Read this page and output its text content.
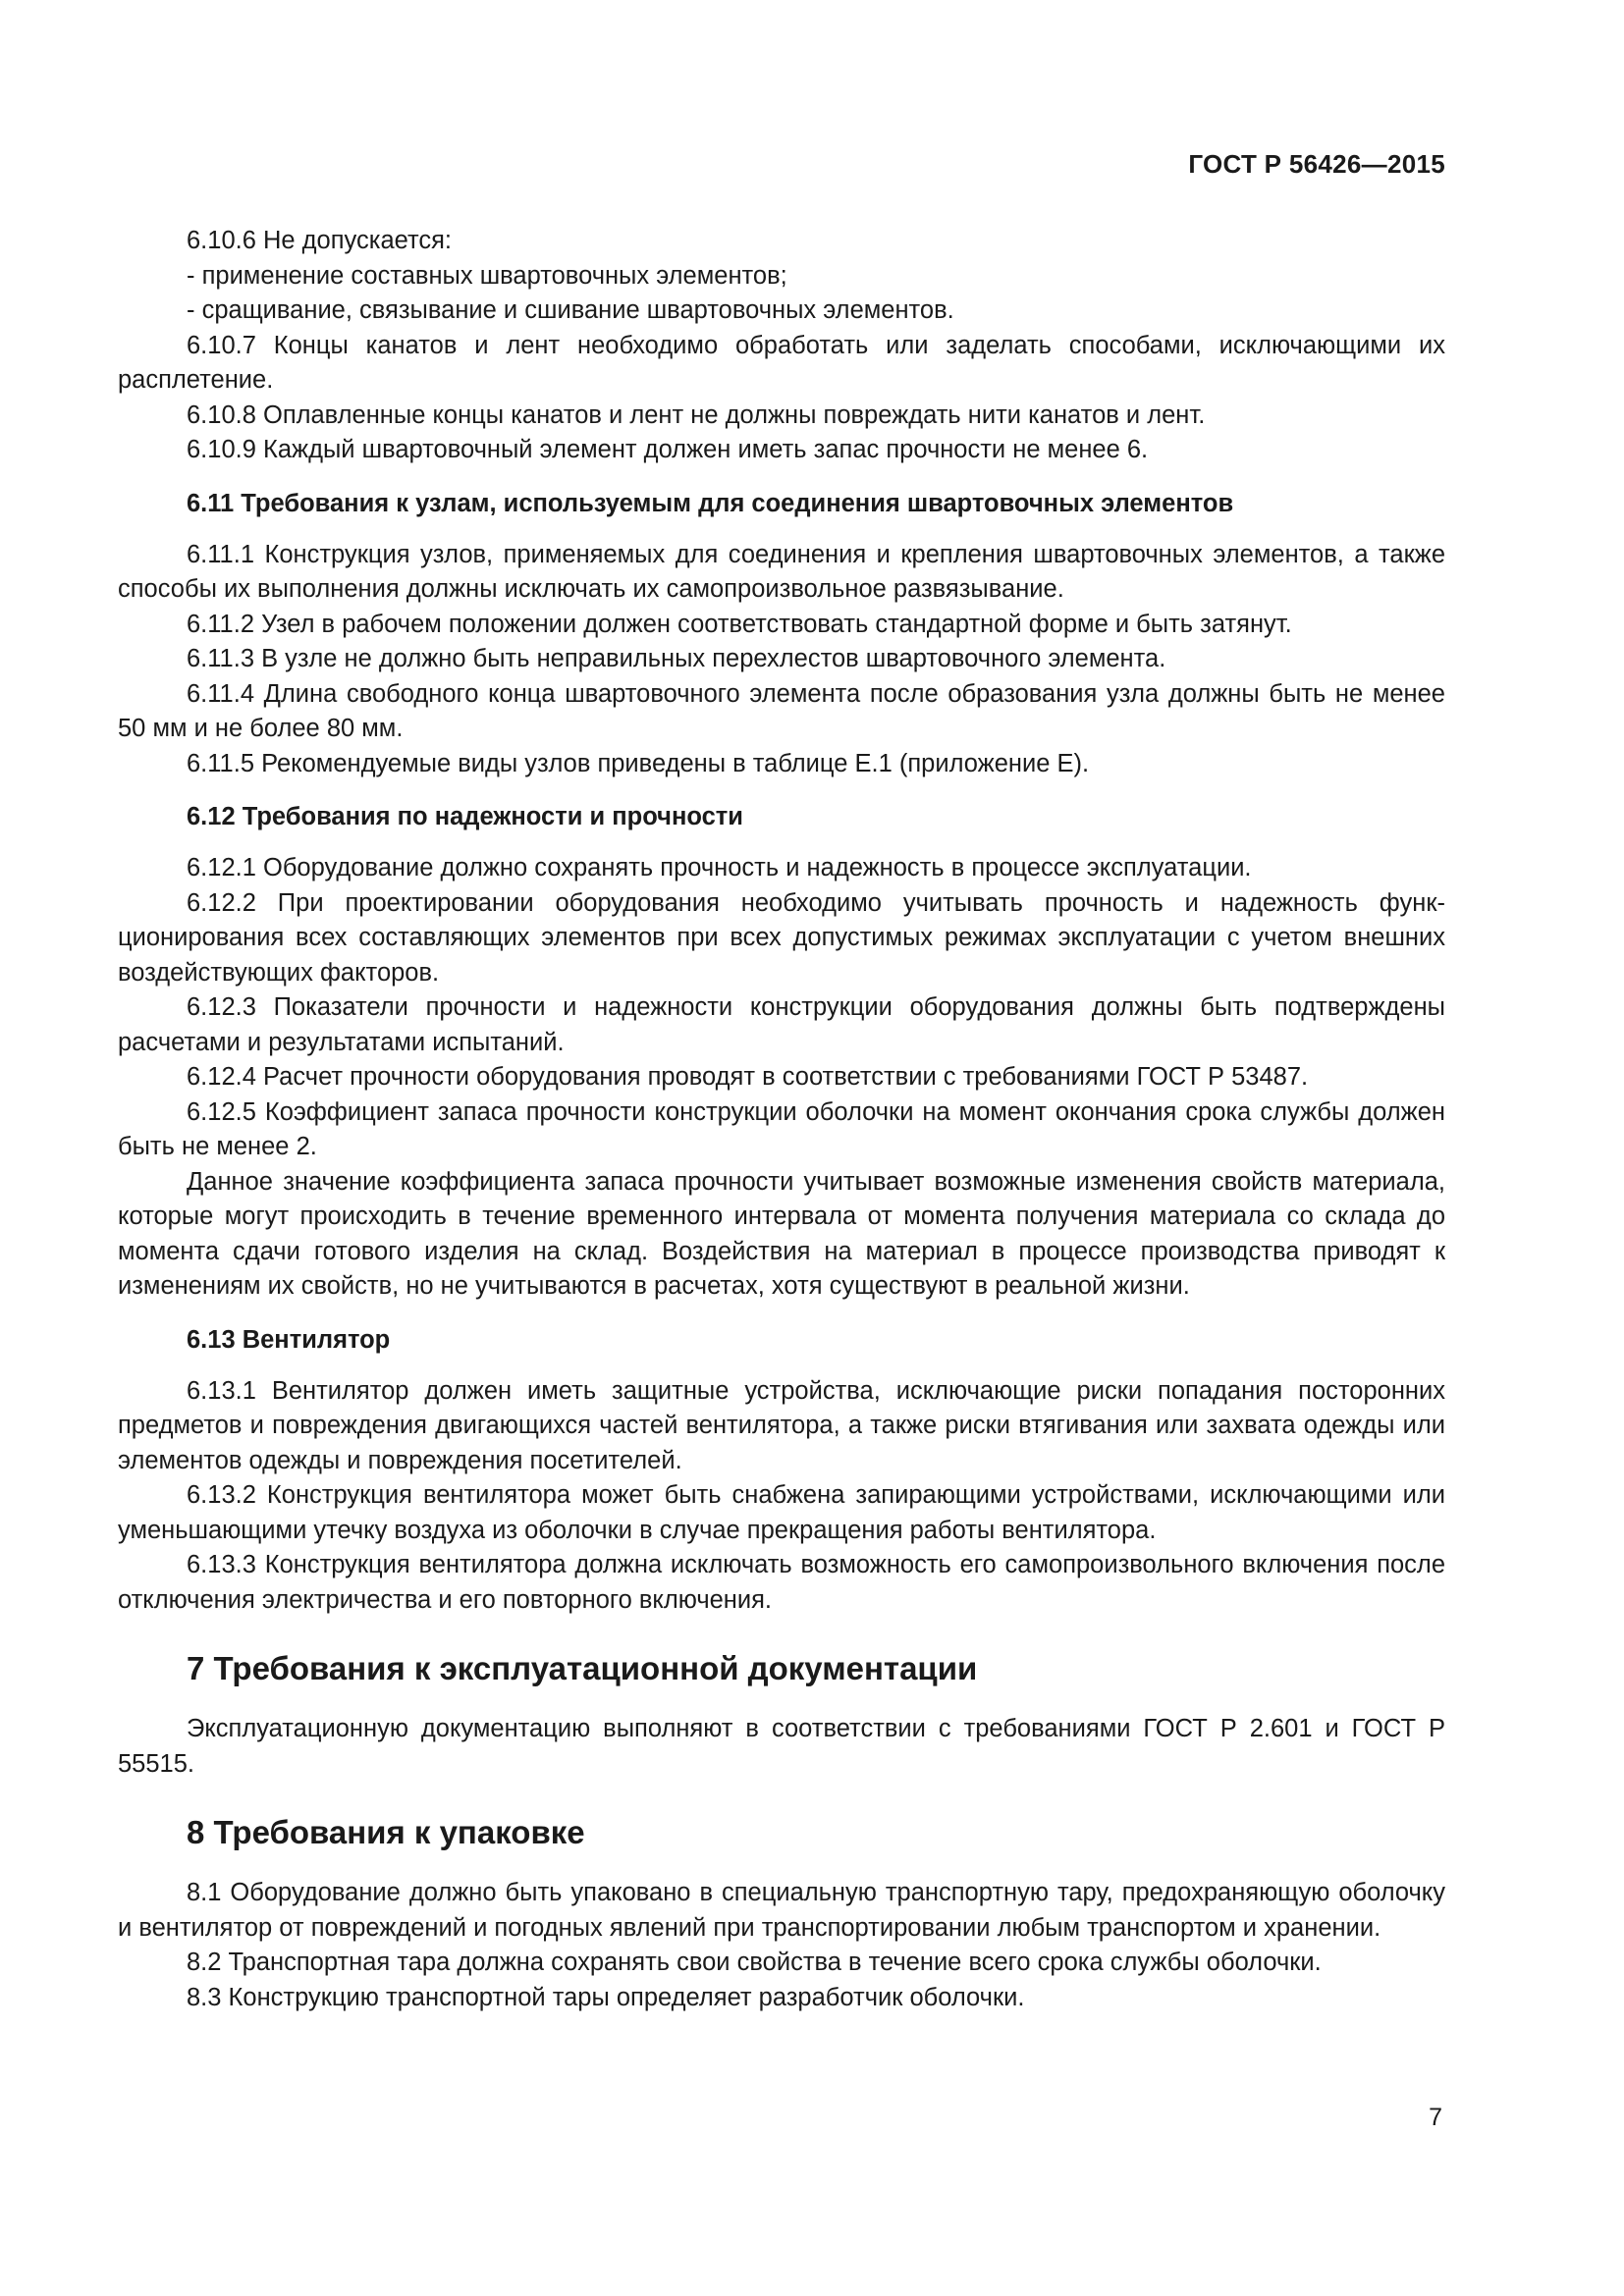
ГОСТ Р 56426—2015
6.10.6 Не допускается:
- применение составных швартовочных элементов;
- сращивание, связывание и сшивание швартовочных элементов.
6.10.7 Концы канатов и лент необходимо обработать или заделать способами, исключающими их расплетение.
6.10.8 Оплавленные концы канатов и лент не должны повреждать нити канатов и лент.
6.10.9 Каждый швартовочный элемент должен иметь запас прочности не менее 6.
6.11 Требования к узлам, используемым для соединения швартовочных элементов
6.11.1 Конструкция узлов, применяемых для соединения и крепления швартовочных элементов, а также способы их выполнения должны исключать их самопроизвольное развязывание.
6.11.2 Узел в рабочем положении должен соответствовать стандартной форме и быть затянут.
6.11.3 В узле не должно быть неправильных перехлестов швартовочного элемента.
6.11.4 Длина свободного конца швартовочного элемента после образования узла должны быть не менее 50 мм и не более 80 мм.
6.11.5 Рекомендуемые виды узлов приведены в таблице Е.1 (приложение Е).
6.12 Требования по надежности и прочности
6.12.1 Оборудование должно сохранять прочность и надежность в процессе эксплуатации.
6.12.2 При проектировании оборудования необходимо учитывать прочность и надежность функционирования всех составляющих элементов при всех допустимых режимах эксплуатации с учетом внешних воздействующих факторов.
6.12.3 Показатели прочности и надежности конструкции оборудования должны быть подтверждены расчетами и результатами испытаний.
6.12.4 Расчет прочности оборудования проводят в соответствии с требованиями ГОСТ Р 53487.
6.12.5 Коэффициент запаса прочности конструкции оболочки на момент окончания срока службы должен быть не менее 2.
Данное значение коэффициента запаса прочности учитывает возможные изменения свойств материала, которые могут происходить в течение временного интервала от момента получения материала со склада до момента сдачи готового изделия на склад. Воздействия на материал в процессе производства приводят к изменениям их свойств, но не учитываются в расчетах, хотя существуют в реальной жизни.
6.13 Вентилятор
6.13.1 Вентилятор должен иметь защитные устройства, исключающие риски попадания посторонних предметов и повреждения двигающихся частей вентилятора, а также риски втягивания или захвата одежды или элементов одежды и повреждения посетителей.
6.13.2 Конструкция вентилятора может быть снабжена запирающими устройствами, исключающими или уменьшающими утечку воздуха из оболочки в случае прекращения работы вентилятора.
6.13.3 Конструкция вентилятора должна исключать возможность его самопроизвольного включения после отключения электричества и его повторного включения.
7 Требования к эксплуатационной документации
Эксплуатационную документацию выполняют в соответствии с требованиями ГОСТ Р 2.601 и ГОСТ Р 55515.
8 Требования к упаковке
8.1 Оборудование должно быть упаковано в специальную транспортную тару, предохраняющую оболочку и вентилятор от повреждений и погодных явлений при транспортировании любым транспортом и хранении.
8.2 Транспортная тара должна сохранять свои свойства в течение всего срока службы оболочки.
8.3 Конструкцию транспортной тары определяет разработчик оболочки.
7
